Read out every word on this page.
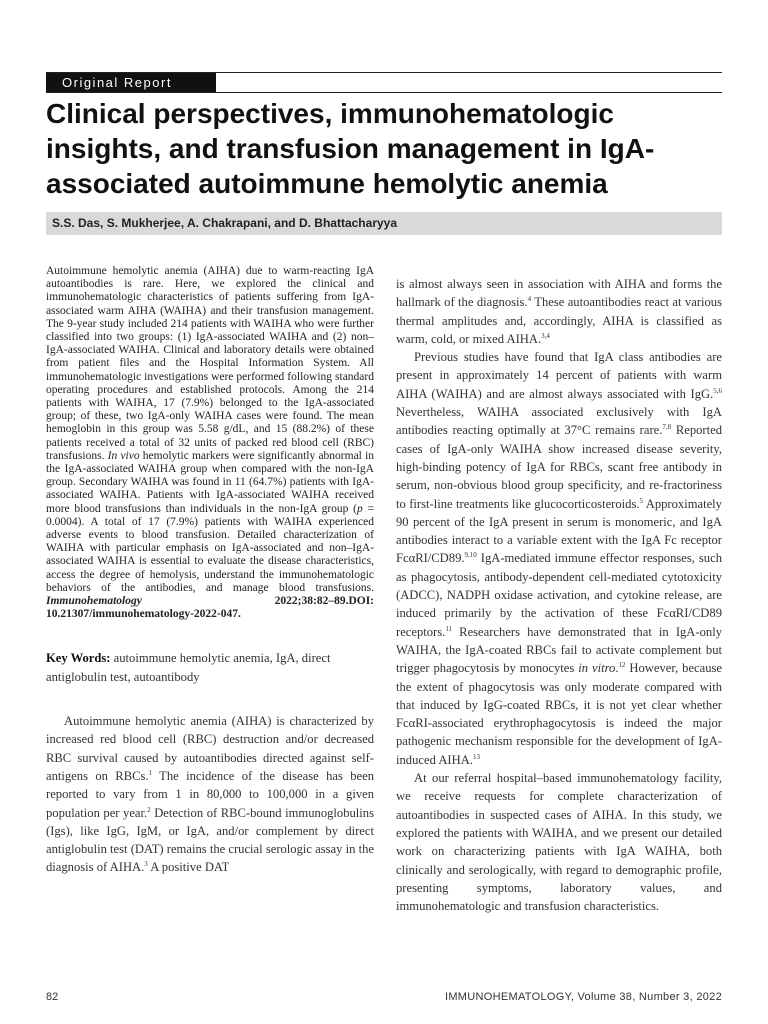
Original Report
Clinical perspectives, immunohematologic insights, and transfusion management in IgA-associated autoimmune hemolytic anemia
S.S. Das, S. Mukherjee, A. Chakrapani, and D. Bhattacharyya

Autoimmune hemolytic anemia (AIHA) due to warm-reacting IgA autoantibodies is rare. Here, we explored the clinical and immunohematologic characteristics of patients suffering from IgA-associated warm AIHA (WAIHA) and their transfusion management. The 9-year study included 214 patients with WAIHA who were further classified into two groups: (1) IgA-associated WAIHA and (2) non–IgA-associated WAIHA. Clinical and laboratory details were obtained from patient files and the Hospital Information System. All immunohematologic investigations were performed following standard operating procedures and established protocols. Among the 214 patients with WAIHA, 17 (7.9%) belonged to the IgA-associated group; of these, two IgA-only WAIHA cases were found. The mean hemoglobin in this group was 5.58 g/dL, and 15 (88.2%) of these patients received a total of 32 units of packed red blood cell (RBC) transfusions. In vivo hemolytic markers were significantly abnormal in the IgA-associated WAIHA group when compared with the non-IgA group. Secondary WAIHA was found in 11 (64.7%) patients with IgA-associated WAIHA. Patients with IgA-associated WAIHA received more blood transfusions than individuals in the non-IgA group (p = 0.0004). A total of 17 (7.9%) patients with WAIHA experienced adverse events to blood transfusion. Detailed characterization of WAIHA with particular emphasis on IgA-associated and non–IgA-associated WAIHA is essential to evaluate the disease characteristics, access the degree of hemolysis, understand the immunohematologic behaviors of the antibodies, and manage blood transfusions. Immunohematology 2022;38:82–89.DOI: 10.21307/immunohematology-2022-047.

Key Words: autoimmune hemolytic anemia, IgA, direct antiglobulin test, autoantibody

Autoimmune hemolytic anemia (AIHA) is characterized by increased red blood cell (RBC) destruction and/or decreased RBC survival caused by autoantibodies directed against self-antigens on RBCs.$^1$ The incidence of the disease has been reported to vary from 1 in 80,000 to 100,000 in a given population per year.$^2$ Detection of RBC-bound immunoglobulins (Igs), like IgG, IgM, or IgA, and/or complement by direct antiglobulin test (DAT) remains the crucial serologic assay in the diagnosis of AIHA.$^3$ A positive DAT

is almost always seen in association with AIHA and forms the hallmark of the diagnosis.$^4$ These autoantibodies react at various thermal amplitudes and, accordingly, AIHA is classified as warm, cold, or mixed AIHA.$^{3,4}$

Previous studies have found that IgA class antibodies are present in approximately 14 percent of patients with warm AIHA (WAIHA) and are almost always associated with IgG.$^{5,6}$ Nevertheless, WAIHA associated exclusively with IgA antibodies reacting optimally at 37°C remains rare.$^{7,8}$ Reported cases of IgA-only WAIHA show increased disease severity, high-binding potency of IgA for RBCs, scant free antibody in serum, non-obvious blood group specificity, and re-fractoriness to first-line treatments like glucocorticosteroids.$^5$ Approximately 90 percent of the IgA present in serum is monomeric, and IgA antibodies interact to a variable extent with the IgA Fc receptor FcαRI/CD89.$^{9,10}$ IgA-mediated immune effector responses, such as phagocytosis, antibody-dependent cell-mediated cytotoxicity (ADCC), NADPH oxidase activation, and cytokine release, are induced primarily by the activation of these FcαRI/CD89 receptors.$^{11}$ Researchers have demonstrated that in IgA-only WAIHA, the IgA-coated RBCs fail to activate complement but trigger phagocytosis by monocytes in vitro.$^{12}$ However, because the extent of phagocytosis was only moderate compared with that induced by IgG-coated RBCs, it is not yet clear whether FcαRI-associated erythrophagocytosis is indeed the major pathogenic mechanism responsible for the development of IgA-induced AIHA.$^{13}$

At our referral hospital–based immunohematology facility, we receive requests for complete characterization of autoantibodies in suspected cases of AIHA. In this study, we explored the patients with WAIHA, and we present our detailed work on characterizing patients with IgA WAIHA, both clinically and serologically, with regard to demographic profile, presenting symptoms, laboratory values, and immunohematologic and transfusion characteristics.

82	IMMUNOHEMATOLOGY, Volume 38, Number 3, 2022
